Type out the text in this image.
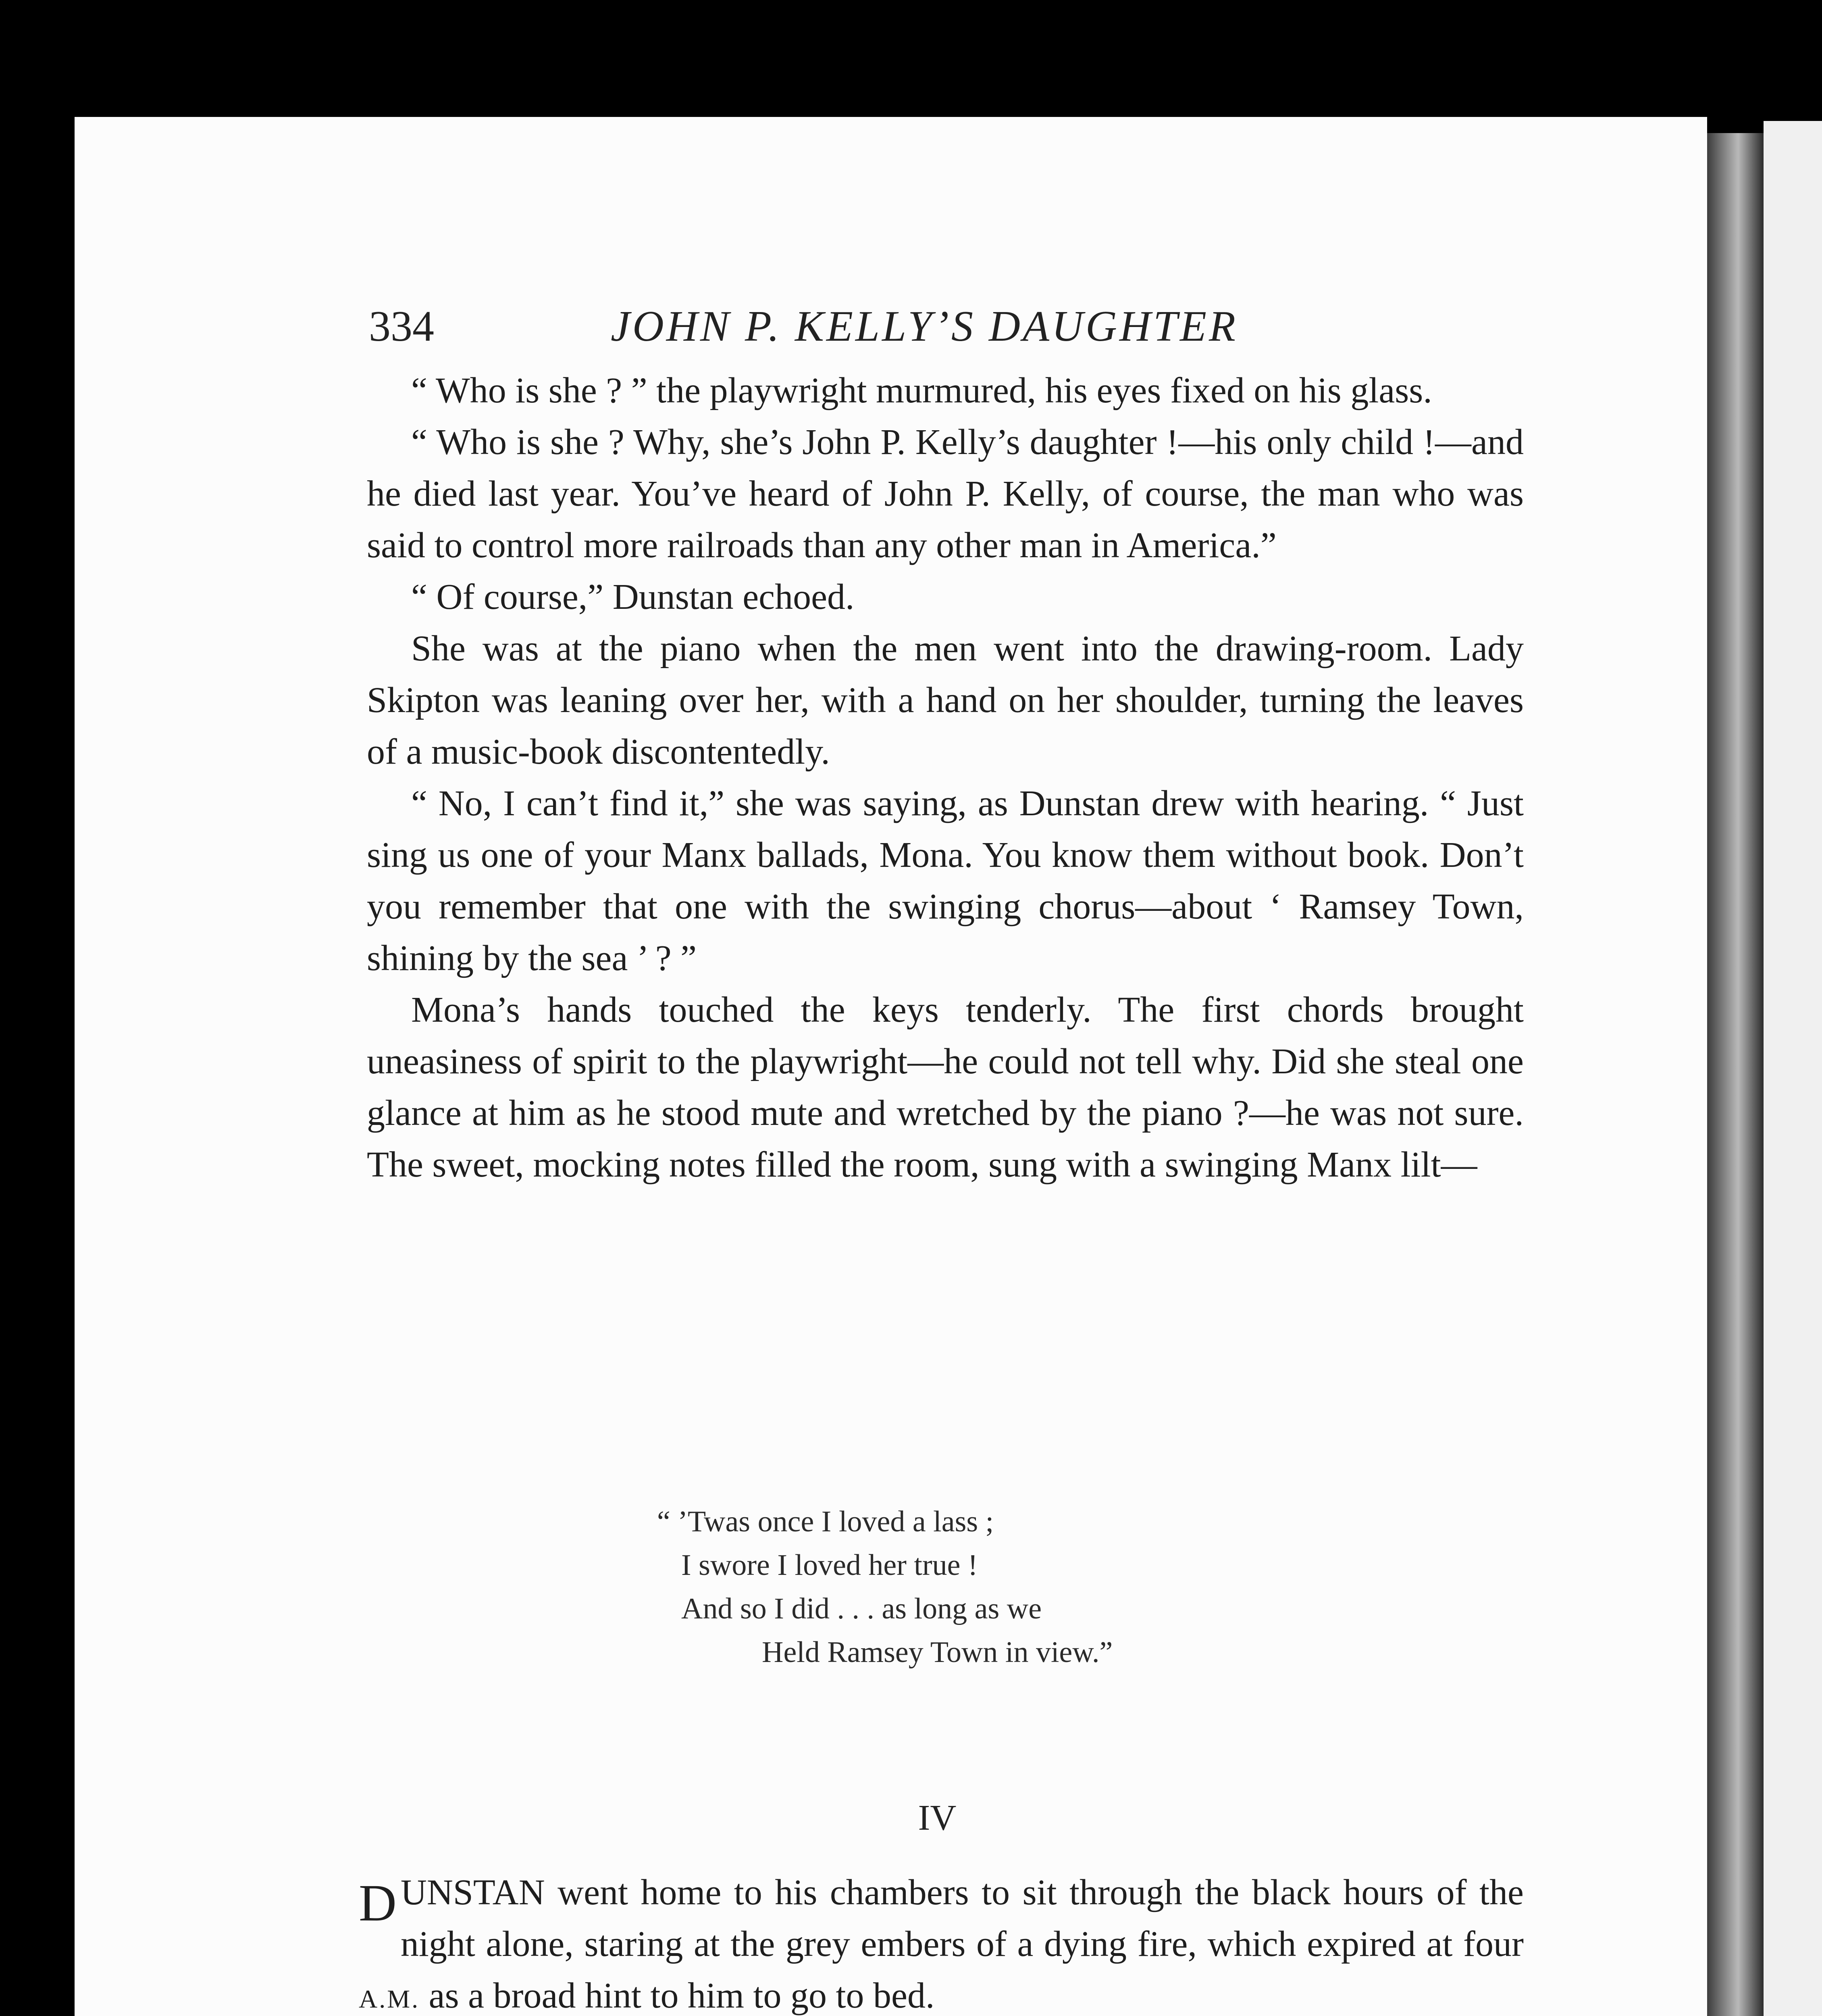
334	JOHN P. KELLY’S DAUGHTER

“ Who is she ? ” the playwright murmured, his eyes fixed on his glass.

“ Who is she ? Why, she’s John P. Kelly’s daughter !—his only child !—and he died last year. You’ve heard of John P. Kelly, of course, the man who was said to control more railroads than any other man in America.”

“ Of course,” Dunstan echoed.

She was at the piano when the men went into the drawing-room. Lady Skipton was leaning over her, with a hand on her shoulder, turning the leaves of a music-book discontentedly.

“ No, I can’t find it,” she was saying, as Dunstan drew with hearing. “ Just sing us one of your Manx ballads, Mona. You know them without book. Don’t you remember that one with the swinging chorus—about ‘ Ramsey Town, shining by the sea ’ ? ”

Mona’s hands touched the keys tenderly. The first chords brought uneasiness of spirit to the playwright—he could not tell why. Did she steal one glance at him as he stood mute and wretched by the piano ?—he was not sure. The sweet, mocking notes filled the room, sung with a swinging Manx lilt—

“ ’Twas once I loved a lass ;
I swore I loved her true !
And so I did . . . as long as we
Held Ramsey Town in view.”
IV

D UNSTAN went home to his chambers to sit through the black hours of the night alone, staring at the grey embers of a dying fire, which expired at four A.M. as a broad hint to him to go to bed.
